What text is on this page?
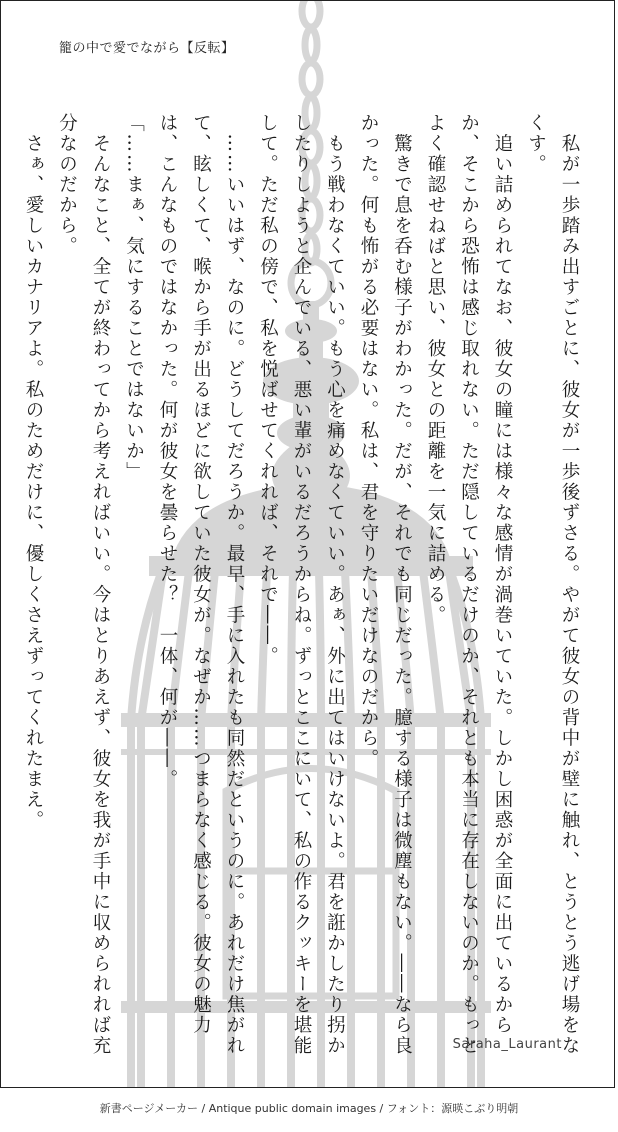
籠の中で愛でながら【反転】

　私が一歩踏み出すごとに、彼女が一歩後ずさる。やがて彼女の背中が壁に触れ、とうとう逃げ場をなくす。

　追い詰められてなお、彼女の瞳には様々な感情が渦巻いていた。しかし困惑が全面に出ているからか、そこから恐怖は感じ取れない。ただ隠しているだけのか、それとも本当に存在しないのか。もっとよく確認せねばと思い、彼女との距離を一気に詰める。

　驚きで息を呑む様子がわかった。だが、それでも同じだった。臆する様子は微塵もない。――なら良かった。何も怖がる必要はない。私は、君を守りたいだけなのだから。

　もう戦わなくていい。もう心を痛めなくていい。あぁ、外に出てはいけないよ。君を誑かしたり拐かしたりしようと企んでいる、悪い輩がいるだろうからね。ずっとここにいて、私の作るクッキーを堪能して。ただ私の傍で、私を悦ばせてくれれば、それで――。

　……いいはず、なのに。どうしてだろうか。最早、手に入れたも同然だというのに。あれだけ焦がれて、眩しくて、喉から手が出るほどに欲していた彼女が。なぜか……つまらなく感じる。彼女の魅力は、こんなものではなかった。何が彼女を曇らせた？　一体、何が――。

「……まぁ、気にすることではないか」

　そんなこと、全てが終わってから考えればいい。今はとりあえず、彼女を我が手中に収められれば充分なのだから。

　さぁ、愛しいカナリアよ。私のためだけに、優しくさえずってくれたまえ。

Saraha_Laurant
新書ページメーカー / Antique public domain images / フォント：源暎こぶり明朝
